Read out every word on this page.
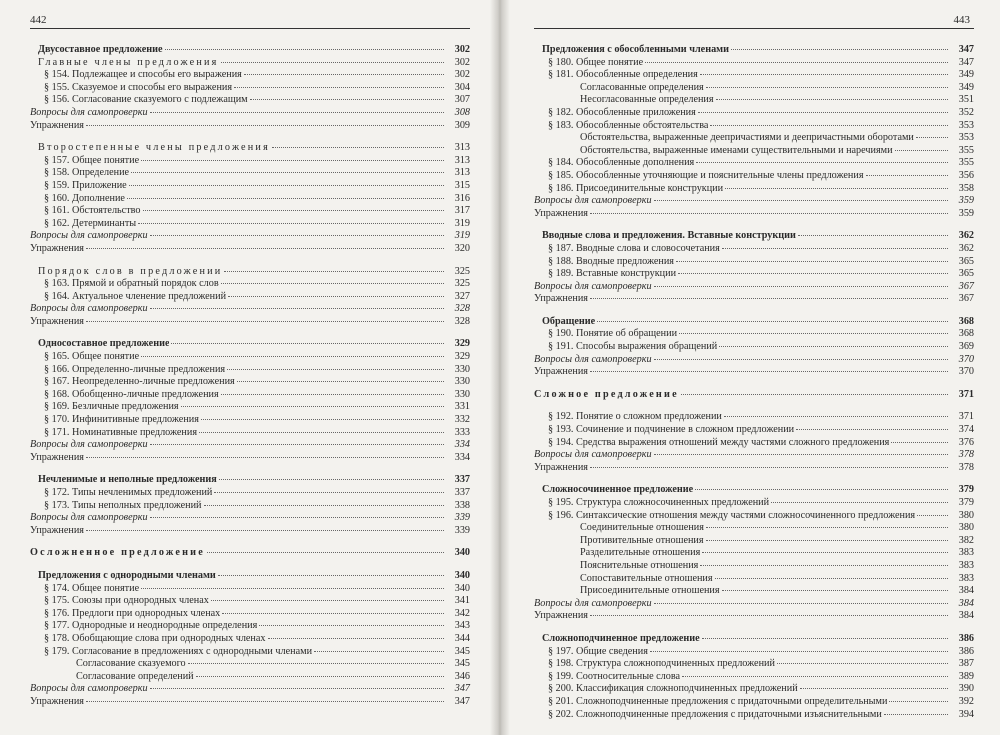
442
Двусоставное предложение	302
Главные члены предложения	302
§ 154. Подлежащее и способы его выражения	302
§ 155. Сказуемое и способы его выражения	304
§ 156. Согласование сказуемого с подлежащим	307
Вопросы для самопроверки	308
Упражнения	309
Второстепенные члены предложения	313
§ 157. Общее понятие	313
§ 158. Определение	313
§ 159. Приложение	315
§ 160. Дополнение	316
§ 161. Обстоятельство	317
§ 162. Детерминанты	319
Вопросы для самопроверки	319
Упражнения	320
Порядок слов в предложении	325
§ 163. Прямой и обратный порядок слов	325
§ 164. Актуальное членение предложений	327
Вопросы для самопроверки	328
Упражнения	328
Односоставное предложение	329
§ 165. Общее понятие	329
§ 166. Определенно-личные предложения	330
§ 167. Неопределенно-личные предложения	330
§ 168. Обобщенно-личные предложения	330
§ 169. Безличные предложения	331
§ 170. Инфинитивные предложения	332
§ 171. Номинативные предложения	333
Вопросы для самопроверки	334
Упражнения	334
Нечленимые и неполные предложения	337
§ 172. Типы нечленимых предложений	337
§ 173. Типы неполных предложений	338
Вопросы для самопроверки	339
Упражнения	339
Осложненное предложение	340
Предложения с однородными членами	340
§ 174. Общее понятие	340
§ 175. Союзы при однородных членах	341
§ 176. Предлоги при однородных членах	342
§ 177. Однородные и неоднородные определения	343
§ 178. Обобщающие слова при однородных членах	344
§ 179. Согласование в предложениях с однородными членами	345
Согласование сказуемого	345
Согласование определений	346
Вопросы для самопроверки	347
Упражнения	347
443
Предложения с обособленными членами	347
§ 180. Общее понятие	347
§ 181. Обособленные определения	349
Согласованные определения	349
Несогласованные определения	351
§ 182. Обособленные приложения	352
§ 183. Обособленные обстоятельства	353
Обстоятельства, выраженные деепричастиями и деепричастными оборотами	353
Обстоятельства, выраженные именами существительными и наречиями	355
§ 184. Обособленные дополнения	355
§ 185. Обособленные уточняющие и пояснительные члены предложения	356
§ 186. Присоединительные конструкции	358
Вопросы для самопроверки	359
Упражнения	359
Вводные слова и предложения. Вставные конструкции	362
§ 187. Вводные слова и словосочетания	362
§ 188. Вводные предложения	365
§ 189. Вставные конструкции	365
Вопросы для самопроверки	367
Упражнения	367
Обращение	368
§ 190. Понятие об обращении	368
§ 191. Способы выражения обращений	369
Вопросы для самопроверки	370
Упражнения	370
Сложное предложение	371
§ 192. Понятие о сложном предложении	371
§ 193. Сочинение и подчинение в сложном предложении	374
§ 194. Средства выражения отношений между частями сложного предложения	376
Вопросы для самопроверки	378
Упражнения	378
Сложносочиненное предложение	379
§ 195. Структура сложносочиненных предложений	379
§ 196. Синтаксические отношения между частями сложносочиненного предложения	380
Соединительные отношения	380
Противительные отношения	382
Разделительные отношения	383
Пояснительные отношения	383
Сопоставительные отношения	383
Присоединительные отношения	384
Вопросы для самопроверки	384
Упражнения	384
Сложноподчиненное предложение	386
§ 197. Общие сведения	386
§ 198. Структура сложноподчиненных предложений	387
§ 199. Соотносительные слова	389
§ 200. Классификация сложноподчиненных предложений	390
§ 201. Сложноподчиненные предложения с придаточными определительными	392
§ 202. Сложноподчиненные предложения с придаточными изъяснительными	394
